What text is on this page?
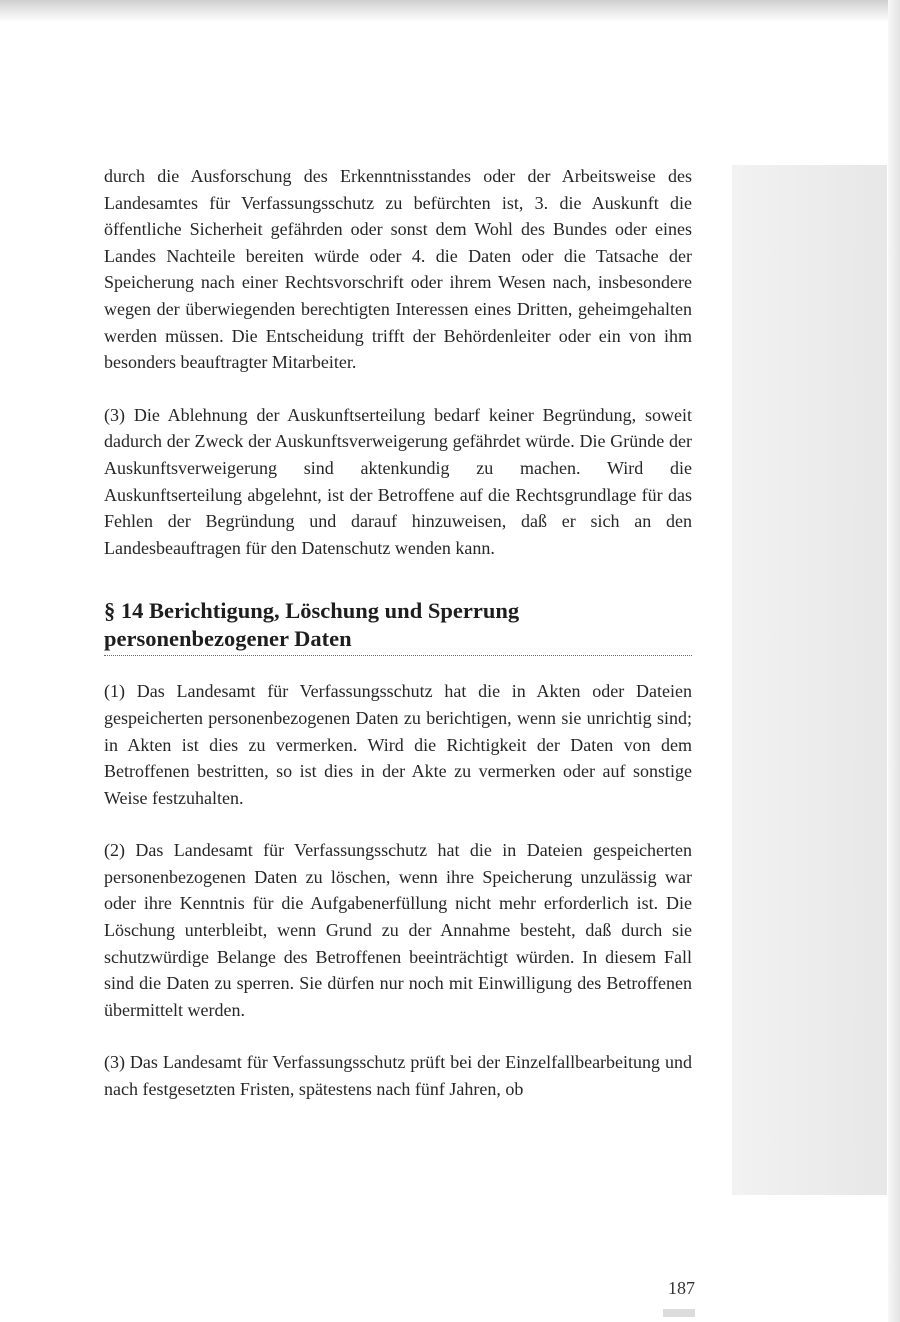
durch die Ausforschung des Erkenntnisstandes oder der Arbeitsweise des Landesamtes für Verfassungsschutz zu befürchten ist, 3. die Auskunft die öffentliche Sicherheit gefährden oder sonst dem Wohl des Bundes oder eines Landes Nachteile bereiten würde oder 4. die Daten oder die Tatsache der Speicherung nach einer Rechtsvorschrift oder ihrem Wesen nach, insbesondere wegen der überwiegenden berechtigten Interessen eines Dritten, geheimgehalten werden müssen. Die Entscheidung trifft der Behördenleiter oder ein von ihm besonders beauftragter Mitarbeiter.

(3) Die Ablehnung der Auskunftserteilung bedarf keiner Begründung, soweit dadurch der Zweck der Auskunftsverweigerung gefährdet würde. Die Gründe der Auskunftsverweigerung sind aktenkundig zu machen. Wird die Auskunftserteilung abgelehnt, ist der Betroffene auf die Rechtsgrundlage für das Fehlen der Begründung und darauf hinzuweisen, daß er sich an den Landesbeauftragen für den Datenschutz wenden kann.

§ 14 Berichtigung, Löschung und Sperrung personenbezogener Daten

(1) Das Landesamt für Verfassungsschutz hat die in Akten oder Dateien gespeicherten personenbezogenen Daten zu berichtigen, wenn sie unrichtig sind; in Akten ist dies zu vermerken. Wird die Richtigkeit der Daten von dem Betroffenen bestritten, so ist dies in der Akte zu vermerken oder auf sonstige Weise festzuhalten.

(2) Das Landesamt für Verfassungsschutz hat die in Dateien gespeicherten personenbezogenen Daten zu löschen, wenn ihre Speicherung unzulässig war oder ihre Kenntnis für die Aufgabenerfüllung nicht mehr erforderlich ist. Die Löschung unterbleibt, wenn Grund zu der Annahme besteht, daß durch sie schutzwürdige Belange des Betroffenen beeinträchtigt würden. In diesem Fall sind die Daten zu sperren. Sie dürfen nur noch mit Einwilligung des Betroffenen übermittelt werden.

(3) Das Landesamt für Verfassungsschutz prüft bei der Einzelfallbearbeitung und nach festgesetzten Fristen, spätestens nach fünf Jahren, ob

187
